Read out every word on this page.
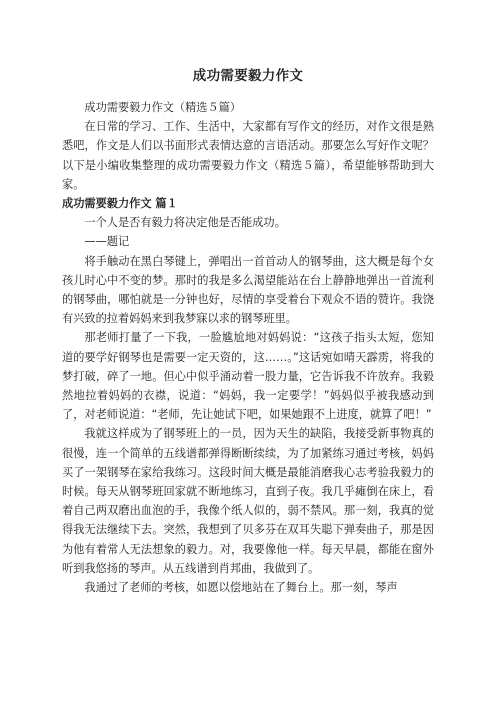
成功需要毅力作文

成功需要毅力作文（精选５篇）

在日常的学习、工作、生活中，大家都有写作文的经历，对作文很是熟悉吧，作文是人们以书面形式表情达意的言语活动。那要怎么写好作文呢？以下是小编收集整理的成功需要毅力作文（精选５篇），希望能够帮助到大家。

成功需要毅力作文 篇１

一个人是否有毅力将决定他是否能成功。

——题记

将手触动在黑白琴键上，弹唱出一首首动人的钢琴曲，这大概是每个女孩儿时心中不变的梦。那时的我是多么渴望能站在台上静静地弹出一首流利的钢琴曲，哪怕就是一分钟也好，尽情的享受着台下观众不语的赞许。我饶有兴致的拉着妈妈来到我梦寐以求的钢琴班里。

那老师打量了一下我，一脸尴尬地对妈妈说：“这孩子指头太短，您知道的要学好钢琴也是需要一定天资的，这……。”这话宛如晴天霹雳，将我的梦打破，碎了一地。但心中似乎涌动着一股力量，它告诉我不许放弃。我毅然地拉着妈妈的衣襟，说道：“妈妈，我一定要学！”妈妈似乎被我感动到了，对老师说道：“老师，先让她试下吧，如果她跟不上进度，就算了吧！”

我就这样成为了钢琴班上的一员，因为天生的缺陷，我接受新事物真的很慢，连一个简单的五线谱都弹得断断续续，为了加紧练习通过考核，妈妈买了一架钢琴在家给我练习。这段时间大概是最能消磨我心志考验我毅力的时候。每天从钢琴班回家就不断地练习，直到子夜。我几乎瘫倒在床上，看着自己两双磨出血泡的手，我像个纸人似的，弱不禁风。那一刻，我真的觉得我无法继续下去。突然，我想到了贝多芬在双耳失聪下弹奏曲子，那是因为他有着常人无法想象的毅力。对，我要像他一样。每天早晨，都能在窗外听到我悠扬的琴声。从五线谱到肖邦曲，我做到了。

我通过了老师的考核，如愿以偿地站在了舞台上。那一刻，琴声
